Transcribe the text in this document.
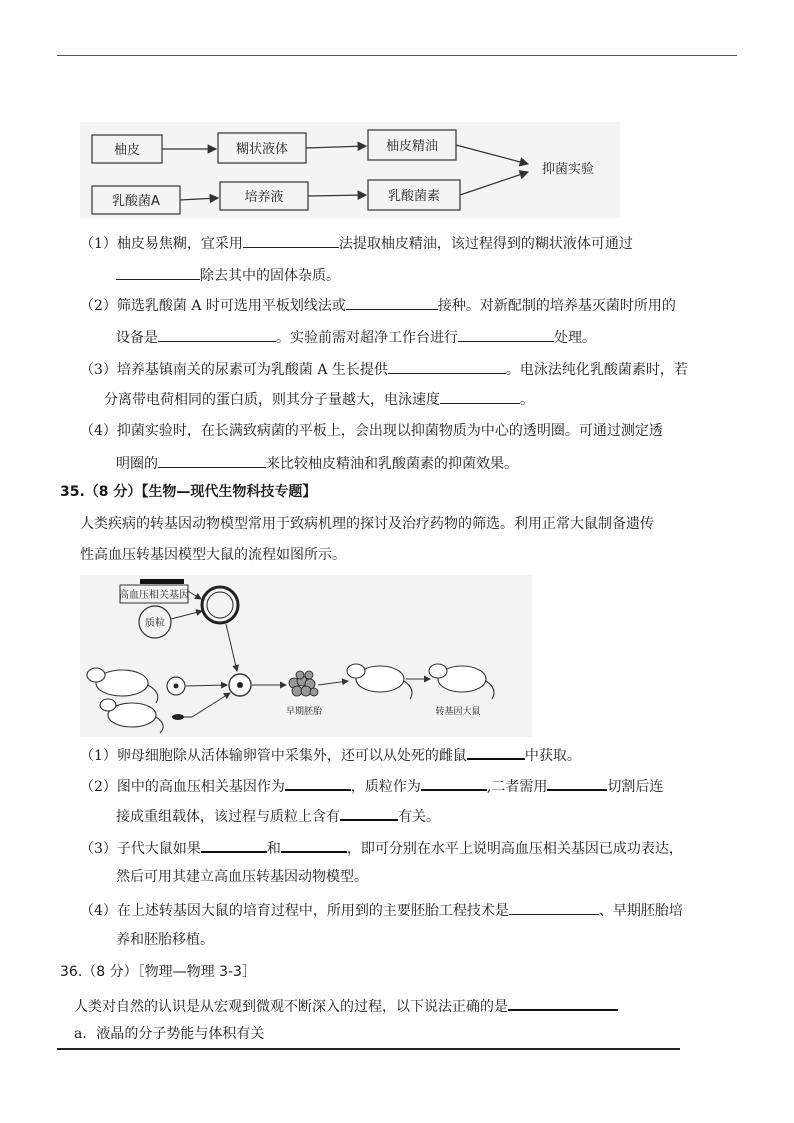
柚皮	糊状液体	柚皮精油
乳酸菌A	培养液	乳酸菌素
抑菌实验
（1）柚皮易焦糊，宜采用	法提取柚皮精油，该过程得到的糊状液体可通过
除去其中的固体杂质。
（2）筛选乳酸菌 A 时可选用平板划线法或	接种。对新配制的培养基灭菌时所用的
设备是	。实验前需对超净工作台进行	处理。
（3）培养基镇南关的尿素可为乳酸菌 A 生长提供	。电泳法纯化乳酸菌素时，若
分离带电荷相同的蛋白质，则其分子量越大，电泳速度	。
（4）抑菌实验时，在长满致病菌的平板上，会出现以抑菌物质为中心的透明圈。可通过测定透
明圈的	来比较柚皮精油和乳酸菌素的抑菌效果。
35.（8 分）【生物—现代生物科技专题】
人类疾病的转基因动物模型常用于致病机理的探讨及治疗药物的筛选。利用正常大鼠制备遗传
性高血压转基因模型大鼠的流程如图所示。
高血压相关基因
质粒
早期胚胎	转基因大鼠
（1）卵母细胞除从活体输卵管中采集外，还可以从处死的雌鼠	中获取。
（2）图中的高血压相关基因作为	，质粒作为	,二者需用	切割后连
接成重组载体，该过程与质粒上含有	有关。
（3）子代大鼠如果	和	，即可分别在水平上说明高血压相关基因已成功表达，
然后可用其建立高血压转基因动物模型。
（4）在上述转基因大鼠的培育过程中，所用到的主要胚胎工程技术是	、早期胚胎培
养和胚胎移植。
36.（8 分）［物理—物理 3-3］
人类对自然的认识是从宏观到微观不断深入的过程，以下说法正确的是
a．液晶的分子势能与体积有关
